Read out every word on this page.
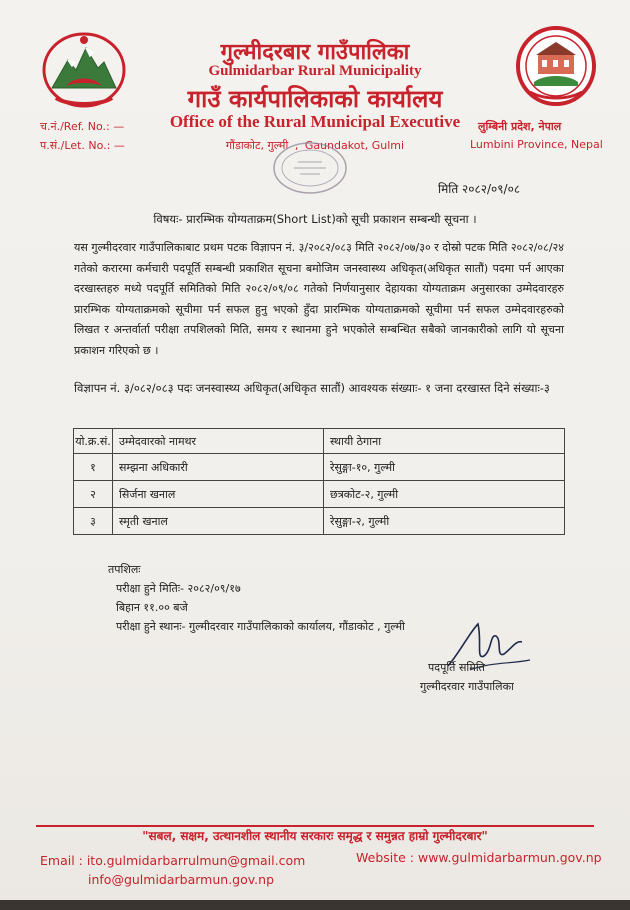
गुल्मीदरबार गाउँपालिका
Gulmidarbar Rural Municipality
गाउँ कार्यपालिकाको कार्यालय
Office of the Rural Municipal Executive
च.नं./Ref. No.: —
प.सं./Let. No.: —	गौंडाकोट, गुल्मी , Gaundakot, Gulmi
लुम्बिनी प्रदेश, नेपाल
Lumbini Province, Nepal
मिति २०८२/०९/०८
विषयः- प्रारम्भिक योग्यताक्रम(Short List)को सूची प्रकाशन सम्बन्धी सूचना ।
यस गुल्मीदरवार गाउँपालिकाबाट प्रथम पटक विज्ञापन नं. ३/२०८२/०८३ मिति २०८२/०७/३० र दोस्रो पटक मिति २०८२/०८/२४ गतेको करारमा कर्मचारी पदपूर्ति सम्बन्धी प्रकाशित सूचना बमोजिम जनस्वास्थ्य अधिकृत(अधिकृत सातौं) पदमा पर्न आएका दरखास्तहरु मध्ये पदपूर्ति समितिको मिति २०८२/०९/०८ गतेको निर्णयानुसार देहायका योग्यताक्रम अनुसारका उम्मेदवारहरु प्रारम्भिक योग्यताक्रमको सूचीमा पर्न सफल हुनु भएको हुँदा प्रारम्भिक योग्यताक्रमको सूचीमा पर्न सफल उम्मेदवारहरुको लिखत र अन्तर्वार्ता परीक्षा तपशिलको मिति, समय र स्थानमा हुने भएकोले सम्बन्धित सबैको जानकारीको लागि यो सूचना प्रकाशन गरिएको छ ।
विज्ञापन नं. ३/०८२/०८३ पदः जनस्वास्थ्य अधिकृत(अधिकृत सातौं) आवश्यक संख्याः- १ जना दरखास्त दिने संख्याः-३
यो.क्र.सं.	उम्मेदवारको नामथर	स्थायी ठेगाना
१	सम्झना अधिकारी	रेसुङ्गा-१०, गुल्मी
२	सिर्जना खनाल	छत्रकोट-२, गुल्मी
३	स्मृती खनाल	रेसुङ्गा-२, गुल्मी
तपशिलः
परीक्षा हुने मितिः- २०८२/०९/१७
बिहान ११.०० बजे
परीक्षा हुने स्थानः- गुल्मीदरवार गाउँपालिकाको कार्यालय, गौंडाकोट , गुल्मी
पदपूर्ति समिति
गुल्मीदरवार गाउँपालिका
"सबल, सक्षम, उत्थानशील स्थानीय सरकारः समृद्ध र समुन्नत हाम्रो गुल्मीदरबार"
Email : ito.gulmidarbarrulmun@gmail.com
info@gulmidarbarmun.gov.np
Website : www.gulmidarbarmun.gov.np
